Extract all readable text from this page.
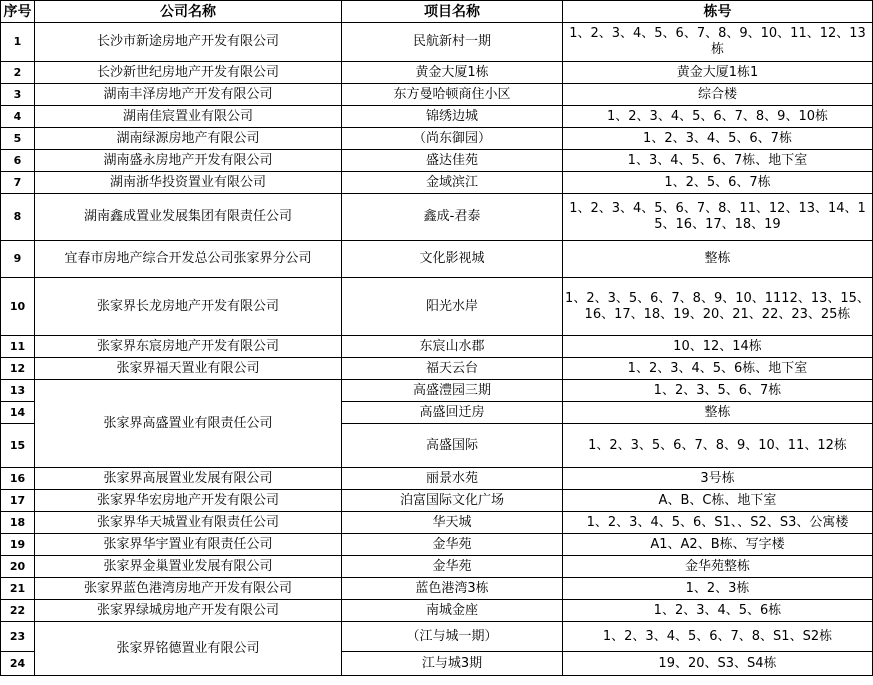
序号	公司名称	项目名称	栋号
1	长沙市新途房地产开发有限公司	民航新村一期	1、2、3、4、5、6、7、8、9、10、11、12、13栋
2	长沙新世纪房地产开发有限公司	黄金大厦1栋	黄金大厦1栋1
3	湖南丰泽房地产开发有限公司	东方曼哈顿商住小区	综合楼
4	湖南佳宸置业有限公司	锦绣边城	1、2、3、4、5、6、7、8、9、10栋
5	湖南绿源房地产有限公司	（尚东御园）	1、2、3、4、5、6、7栋
6	湖南盛永房地产开发有限公司	盛达佳苑	1、3、4、5、6、7栋、地下室
7	湖南浙华投资置业有限公司	金域滨江	1、2、5、6、7栋
8	湖南鑫成置业发展集团有限责任公司	鑫成-君泰	1、2、3、4、5、6、7、8、11、12、13、14、15、16、17、18、19
9	宜春市房地产综合开发总公司张家界分公司	文化影视城	整栋
10	张家界长龙房地产开发有限公司	阳光水岸	1、2、3、5、6、7、8、9、10、1112、13、15、16、17、18、19、20、21、22、23、25栋
11	张家界东宸房地产开发有限公司	东宸山水郡	10、12、14栋
12	张家界福天置业有限公司	福天云台	1、2、3、4、5、6栋、地下室
13	张家界高盛置业有限责任公司	高盛澧园三期	1、2、3、5、6、7栋
14		高盛回迁房	整栋
15		高盛国际	1、2、3、5、6、7、8、9、10、11、12栋
16	张家界高展置业发展有限公司	丽景水苑	3号栋
17	张家界华宏房地产开发有限公司	泊富国际文化广场	A、B、C栋、地下室
18	张家界华天城置业有限责任公司	华天城	1、2、3、4、5、6、S1、、S2、S3、公寓楼
19	张家界华宇置业有限责任公司	金华苑	A1、A2、B栋、写字楼
20	张家界金巢置业发展有限公司	金华苑	金华苑整栋
21	张家界蓝色港湾房地产开发有限公司	蓝色港湾3栋	1、2、3栋
22	张家界绿城房地产开发有限公司	南城金座	1、2、3、4、5、6栋
23	张家界铭德置业有限公司	（江与城一期）	1、2、3、4、5、6、7、8、S1、S2栋
24		江与城3期	19、20、S3、S4栋
